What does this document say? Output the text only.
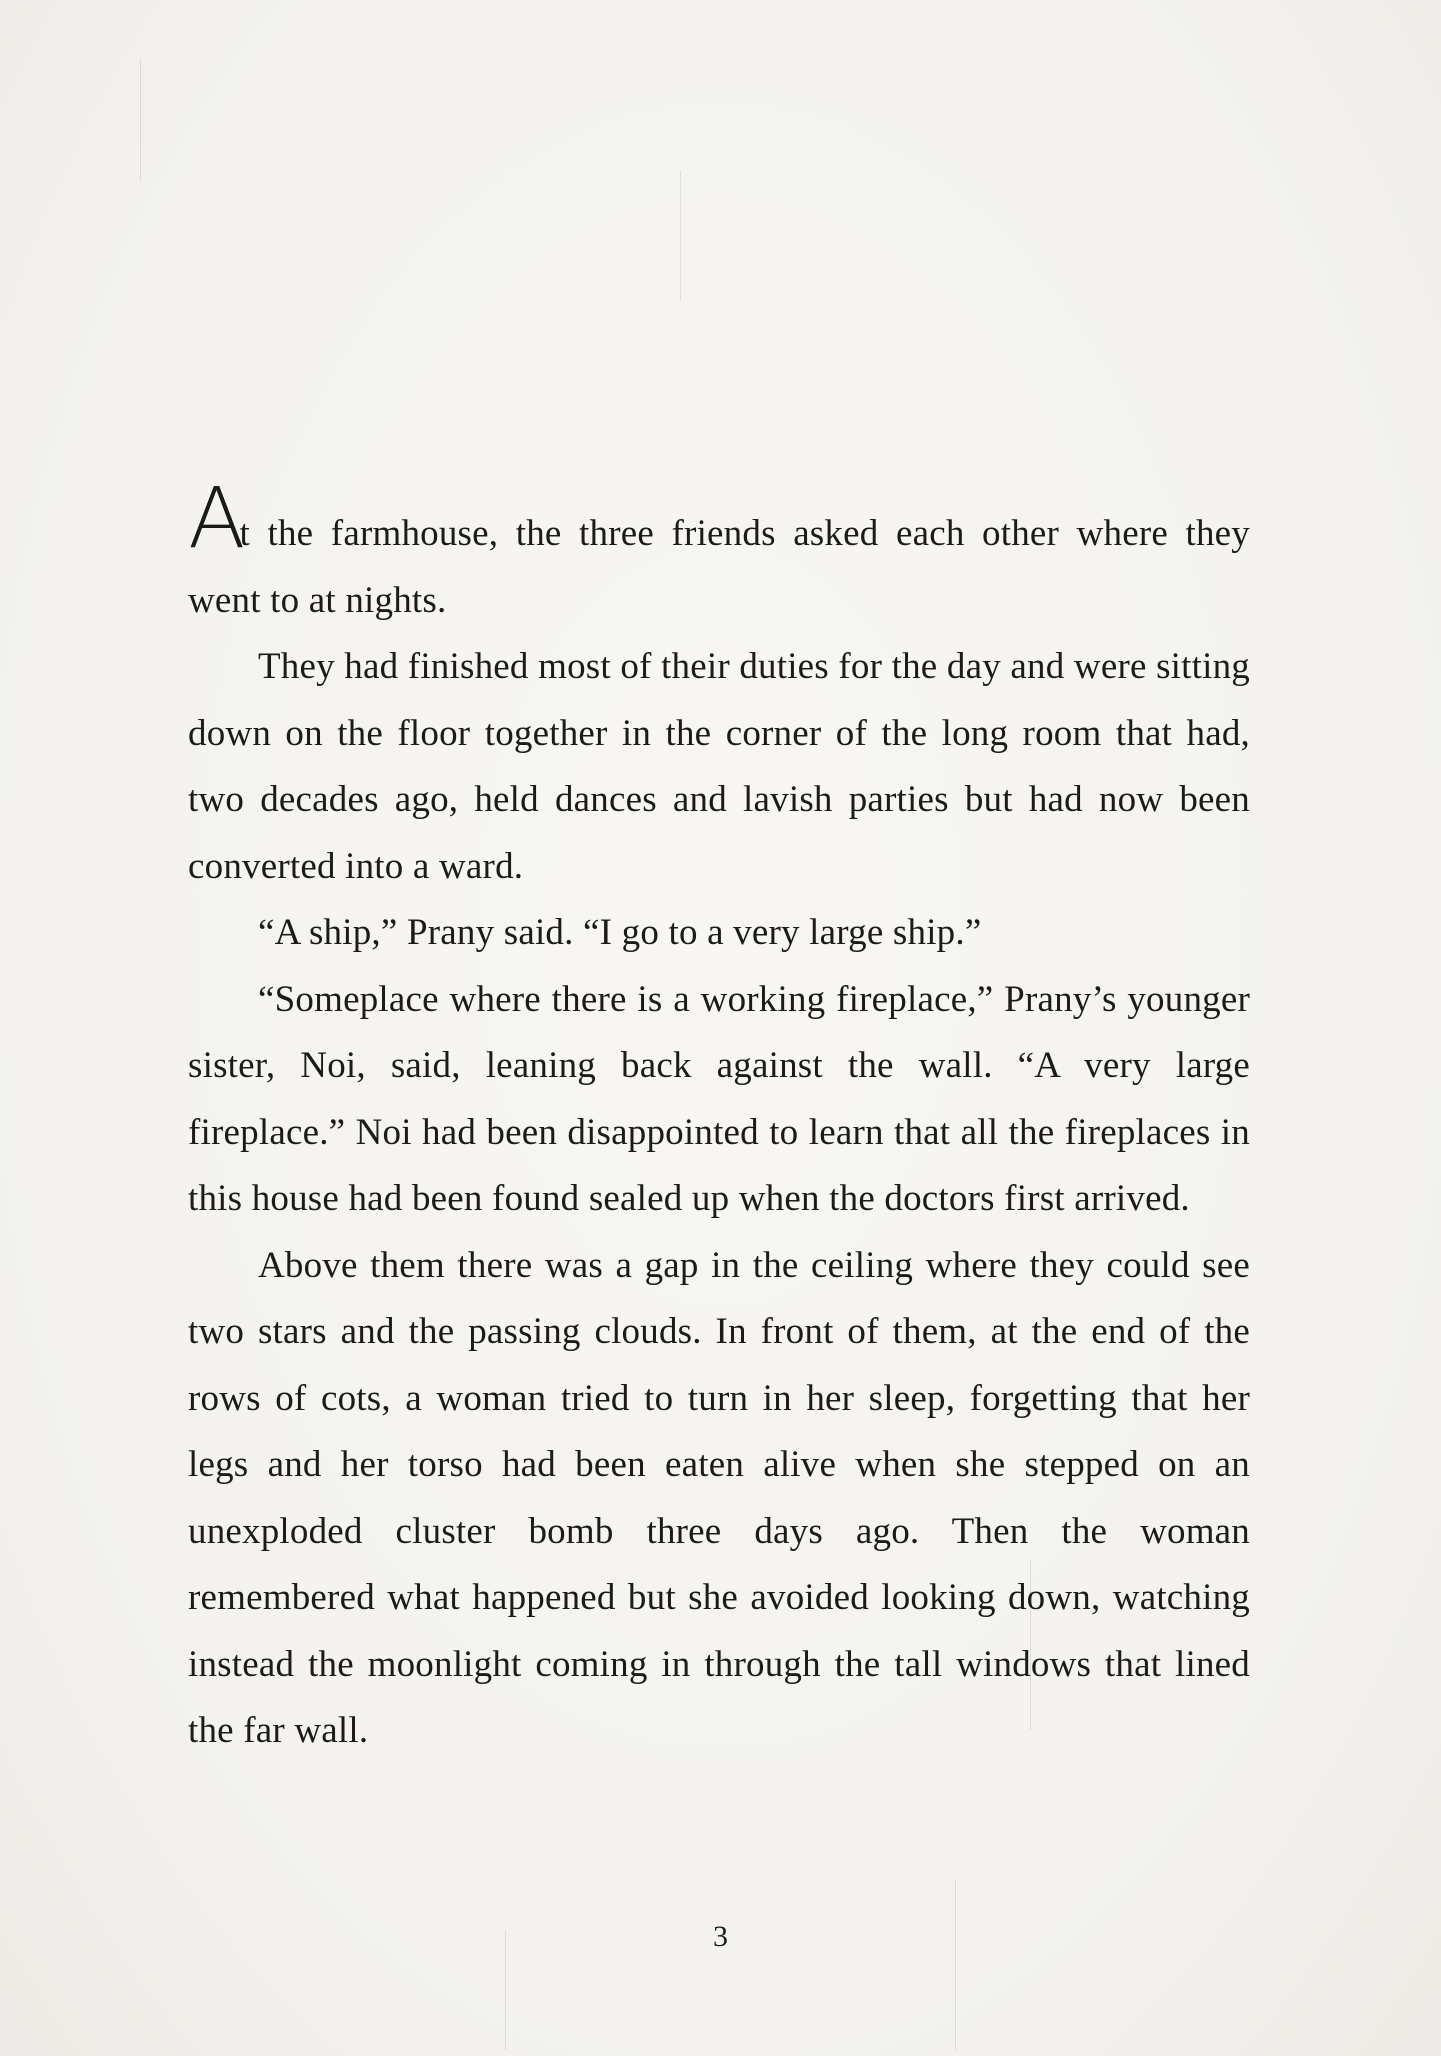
At the farmhouse, the three friends asked each other where they went to at nights.

They had finished most of their duties for the day and were sitting down on the floor together in the corner of the long room that had, two decades ago, held dances and lavish parties but had now been converted into a ward.

“A ship,” Prany said. “I go to a very large ship.”

“Someplace where there is a working fireplace,” Prany’s younger sister, Noi, said, leaning back against the wall. “A very large fireplace.” Noi had been disappointed to learn that all the fireplaces in this house had been found sealed up when the doctors first arrived.

Above them there was a gap in the ceiling where they could see two stars and the passing clouds. In front of them, at the end of the rows of cots, a woman tried to turn in her sleep, forgetting that her legs and her torso had been eaten alive when she stepped on an unexploded cluster bomb three days ago. Then the woman remembered what happened but she avoided looking down, watching instead the moonlight coming in through the tall windows that lined the far wall.

3
